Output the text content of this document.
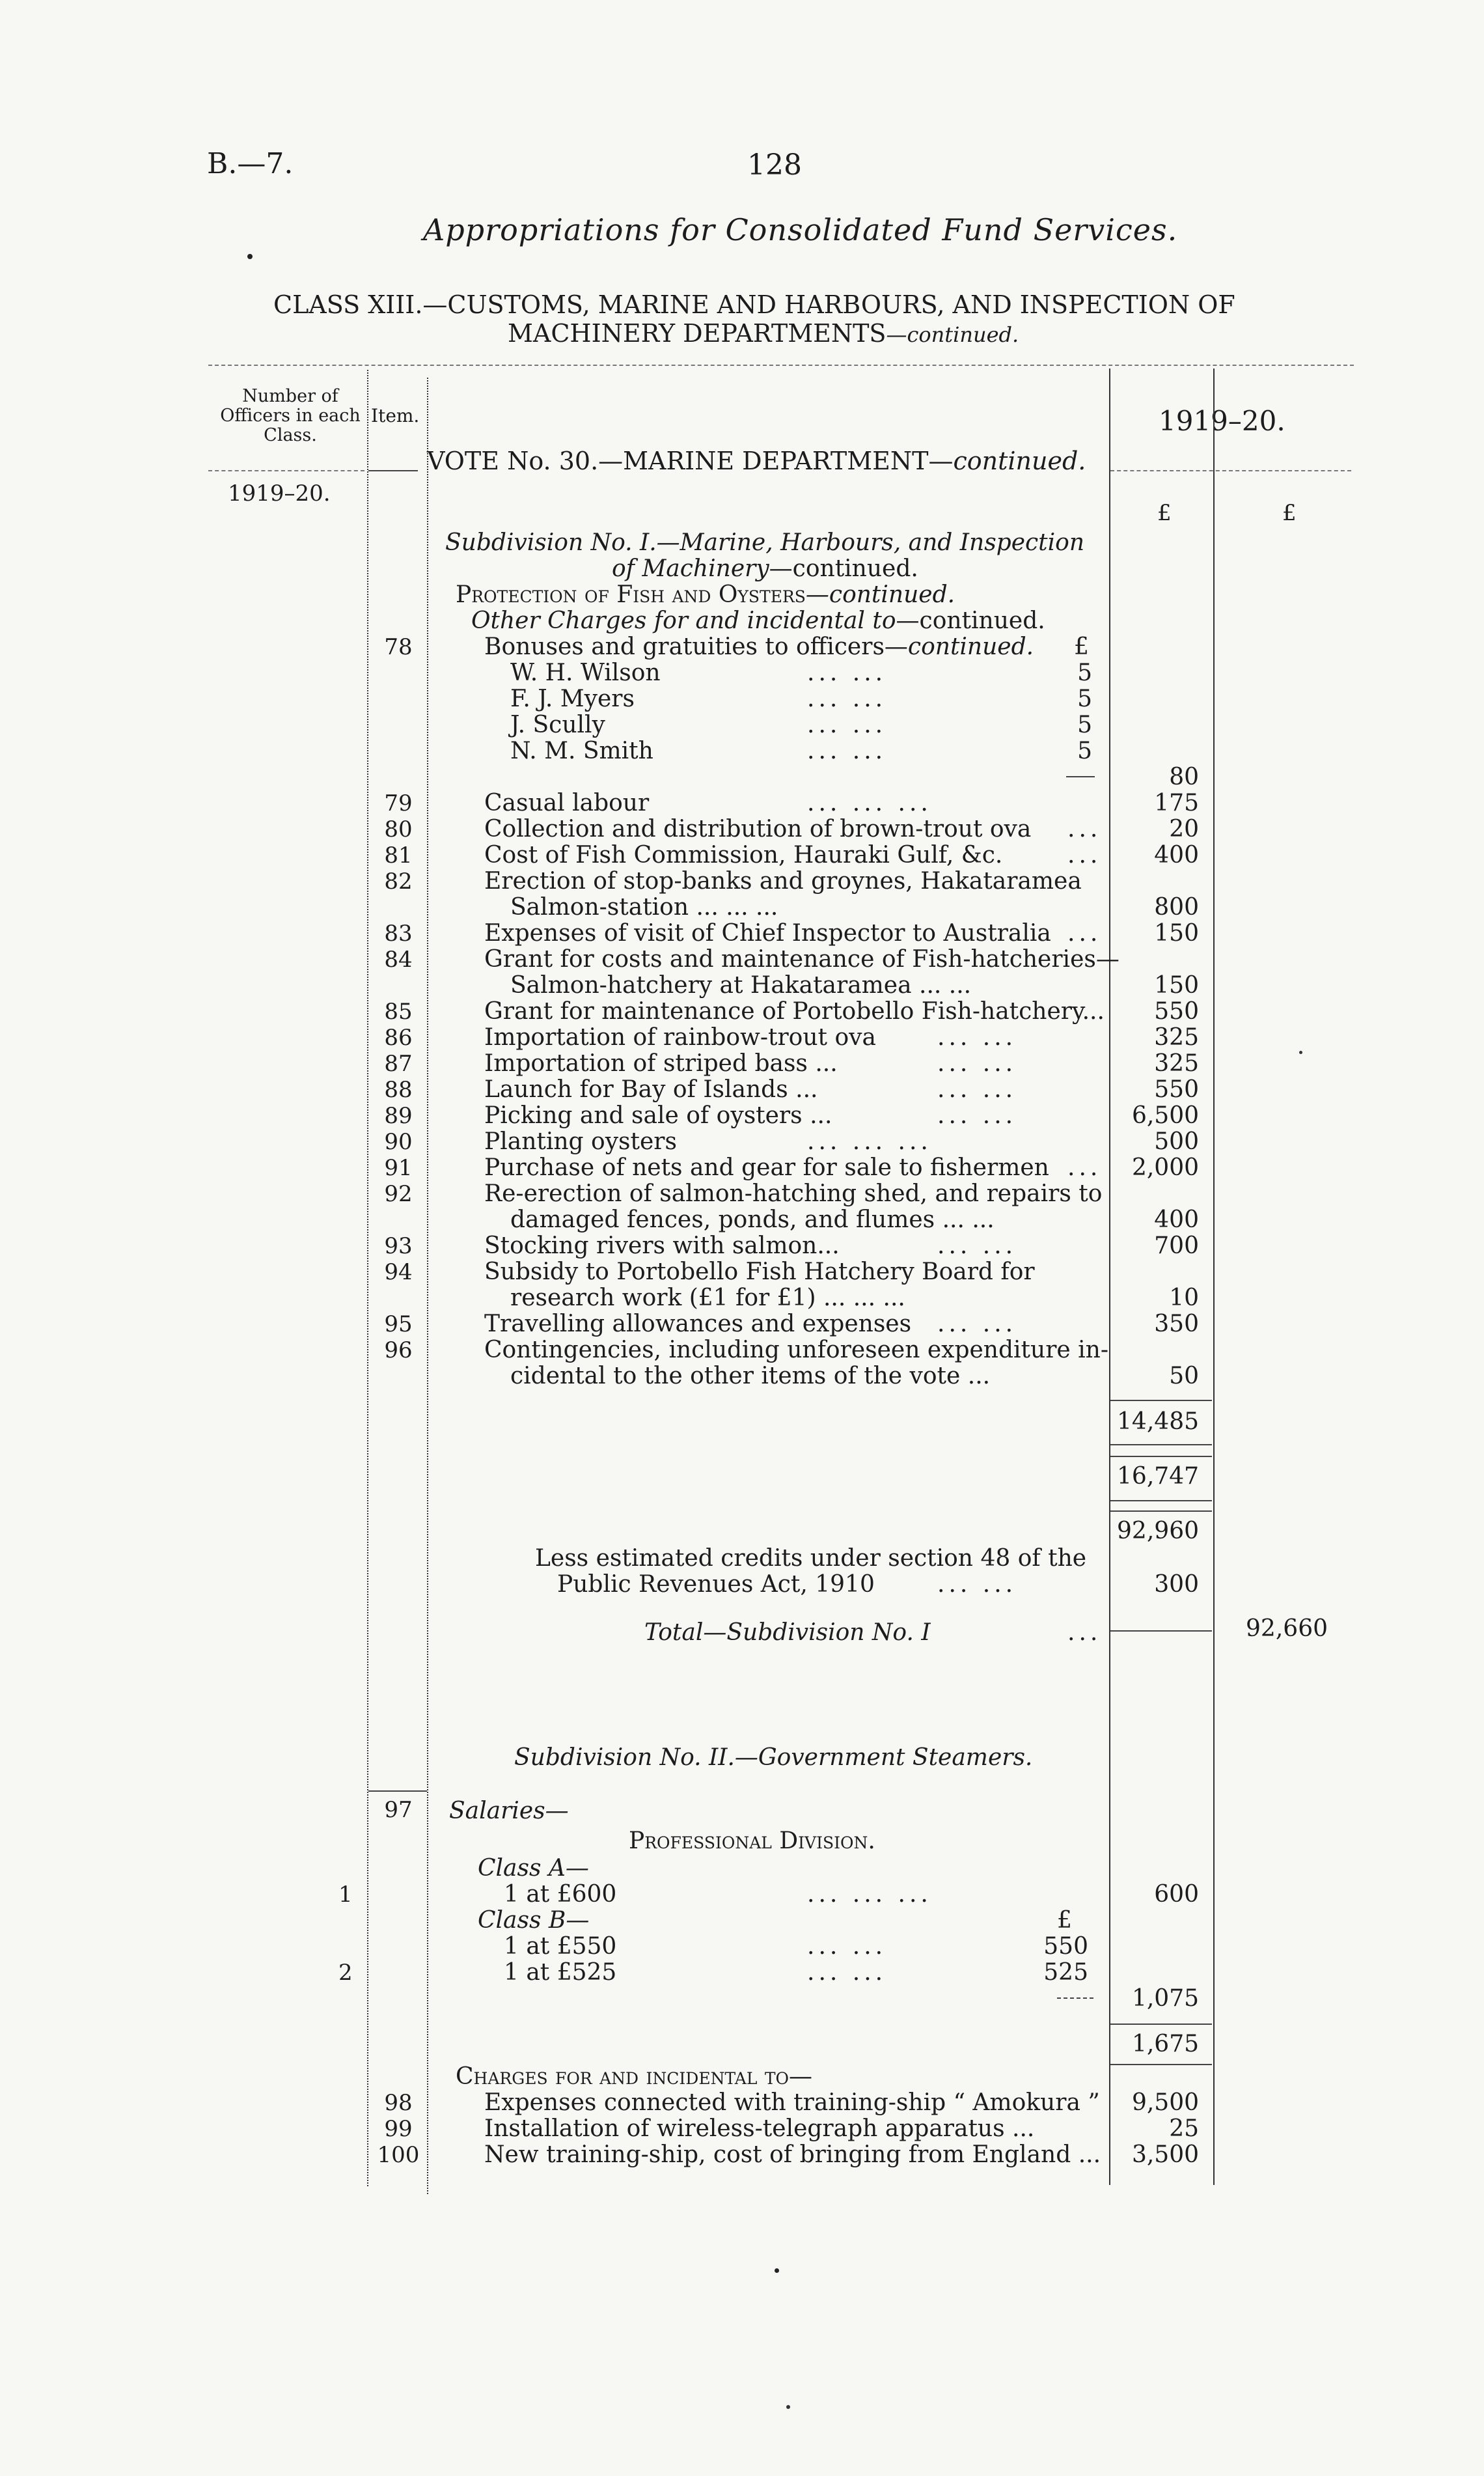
B.—7.	128
Appropriations for Consolidated Fund Services.
CLASS XIII.—CUSTOMS, MARINE AND HARBOURS, AND INSPECTION OF
MACHINERY DEPARTMENTS—continued.
Number of
Officers in each
Class.
Item.
VOTE No. 30.—MARINE DEPARTMENT—continued.
1919–20.
1919–20.
£	£
Subdivision No. I.—Marine, Harbours, and Inspection
of Machinery—continued.
Protection of Fish and Oysters—continued.
Other Charges for and incidental to—continued.
78	Bonuses and gratuities to officers—continued. £
W. H. Wilson	... ...	5
F. J. Myers	... ...	5
J. Scully	... ...	5
N. M. Smith	... ...	5
80
79	Casual labour	... ... ...	175
80	Collection and distribution of brown-trout ova ...	20
81	Cost of Fish Commission, Hauraki Gulf, &c.	...	400
82	Erection of stop-banks and groynes, Hakataramea
Salmon-station ... ... ...	800
83	Expenses of visit of Chief Inspector to Australia ...	150
84	Grant for costs and maintenance of Fish-hatcheries—
Salmon-hatchery at Hakataramea ... ...	150
85	Grant for maintenance of Portobello Fish-hatchery...	550
86	Importation of rainbow-trout ova	... ...	325
87	Importation of striped bass ...	... ...	325
88	Launch for Bay of Islands ...	... ...	550
89	Picking and sale of oysters ...	... ...	6,500
90	Planting oysters	... ... ...	500
91	Purchase of nets and gear for sale to fishermen ...	2,000
92	Re-erection of salmon-hatching shed, and repairs to
damaged fences, ponds, and flumes ... ...	400
93	Stocking rivers with salmon...	... ...	700
94	Subsidy to Portobello Fish Hatchery Board for
research work (£1 for £1) ... ... ...	10
95	Travelling allowances and expenses ... ...	350
96	Contingencies, including unforeseen expenditure in-
cidental to the other items of the vote ...	50
14,485
16,747
92,960
Less estimated credits under section 48 of the
Public Revenues Act, 1910	... ...	300
Total—Subdivision No. I	...	92,660
Subdivision No. II.—Government Steamers.
97	Salaries—
Professional Division.
Class A—
1	1 at £600	... ... ...	600
Class B—	£
1 at £550	... ...	550
2	1 at £525	... ...	525
1,075
1,675
Charges for and incidental to—
98	Expenses connected with training-ship “ Amokura ”	9,500
99	Installation of wireless-telegraph apparatus ...	25
100	New training-ship, cost of bringing from England ...	3,500
